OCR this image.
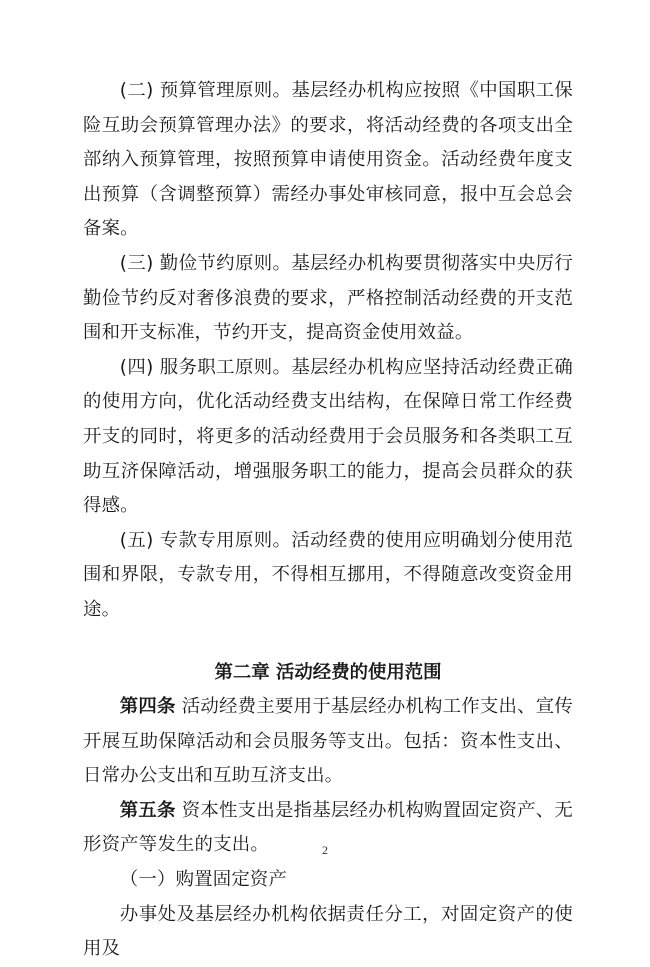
(二) 预算管理原则。基层经办机构应按照《中国职工保险互助会预算管理办法》的要求，将活动经费的各项支出全部纳入预算管理，按照预算申请使用资金。活动经费年度支出预算（含调整预算）需经办事处审核同意，报中互会总会备案。

(三) 勤俭节约原则。基层经办机构要贯彻落实中央厉行勤俭节约反对奢侈浪费的要求，严格控制活动经费的开支范围和开支标准，节约开支，提高资金使用效益。

(四) 服务职工原则。基层经办机构应坚持活动经费正确的使用方向，优化活动经费支出结构，在保障日常工作经费开支的同时，将更多的活动经费用于会员服务和各类职工互助互济保障活动，增强服务职工的能力，提高会员群众的获得感。

(五) 专款专用原则。活动经费的使用应明确划分使用范围和界限，专款专用，不得相互挪用，不得随意改变资金用途。

第二章 活动经费的使用范围

第四条 活动经费主要用于基层经办机构工作支出、宣传开展互助保障活动和会员服务等支出。包括：资本性支出、日常办公支出和互助互济支出。

第五条 资本性支出是指基层经办机构购置固定资产、无形资产等发生的支出。

（一）购置固定资产

办事处及基层经办机构依据责任分工，对固定资产的使用及

2
